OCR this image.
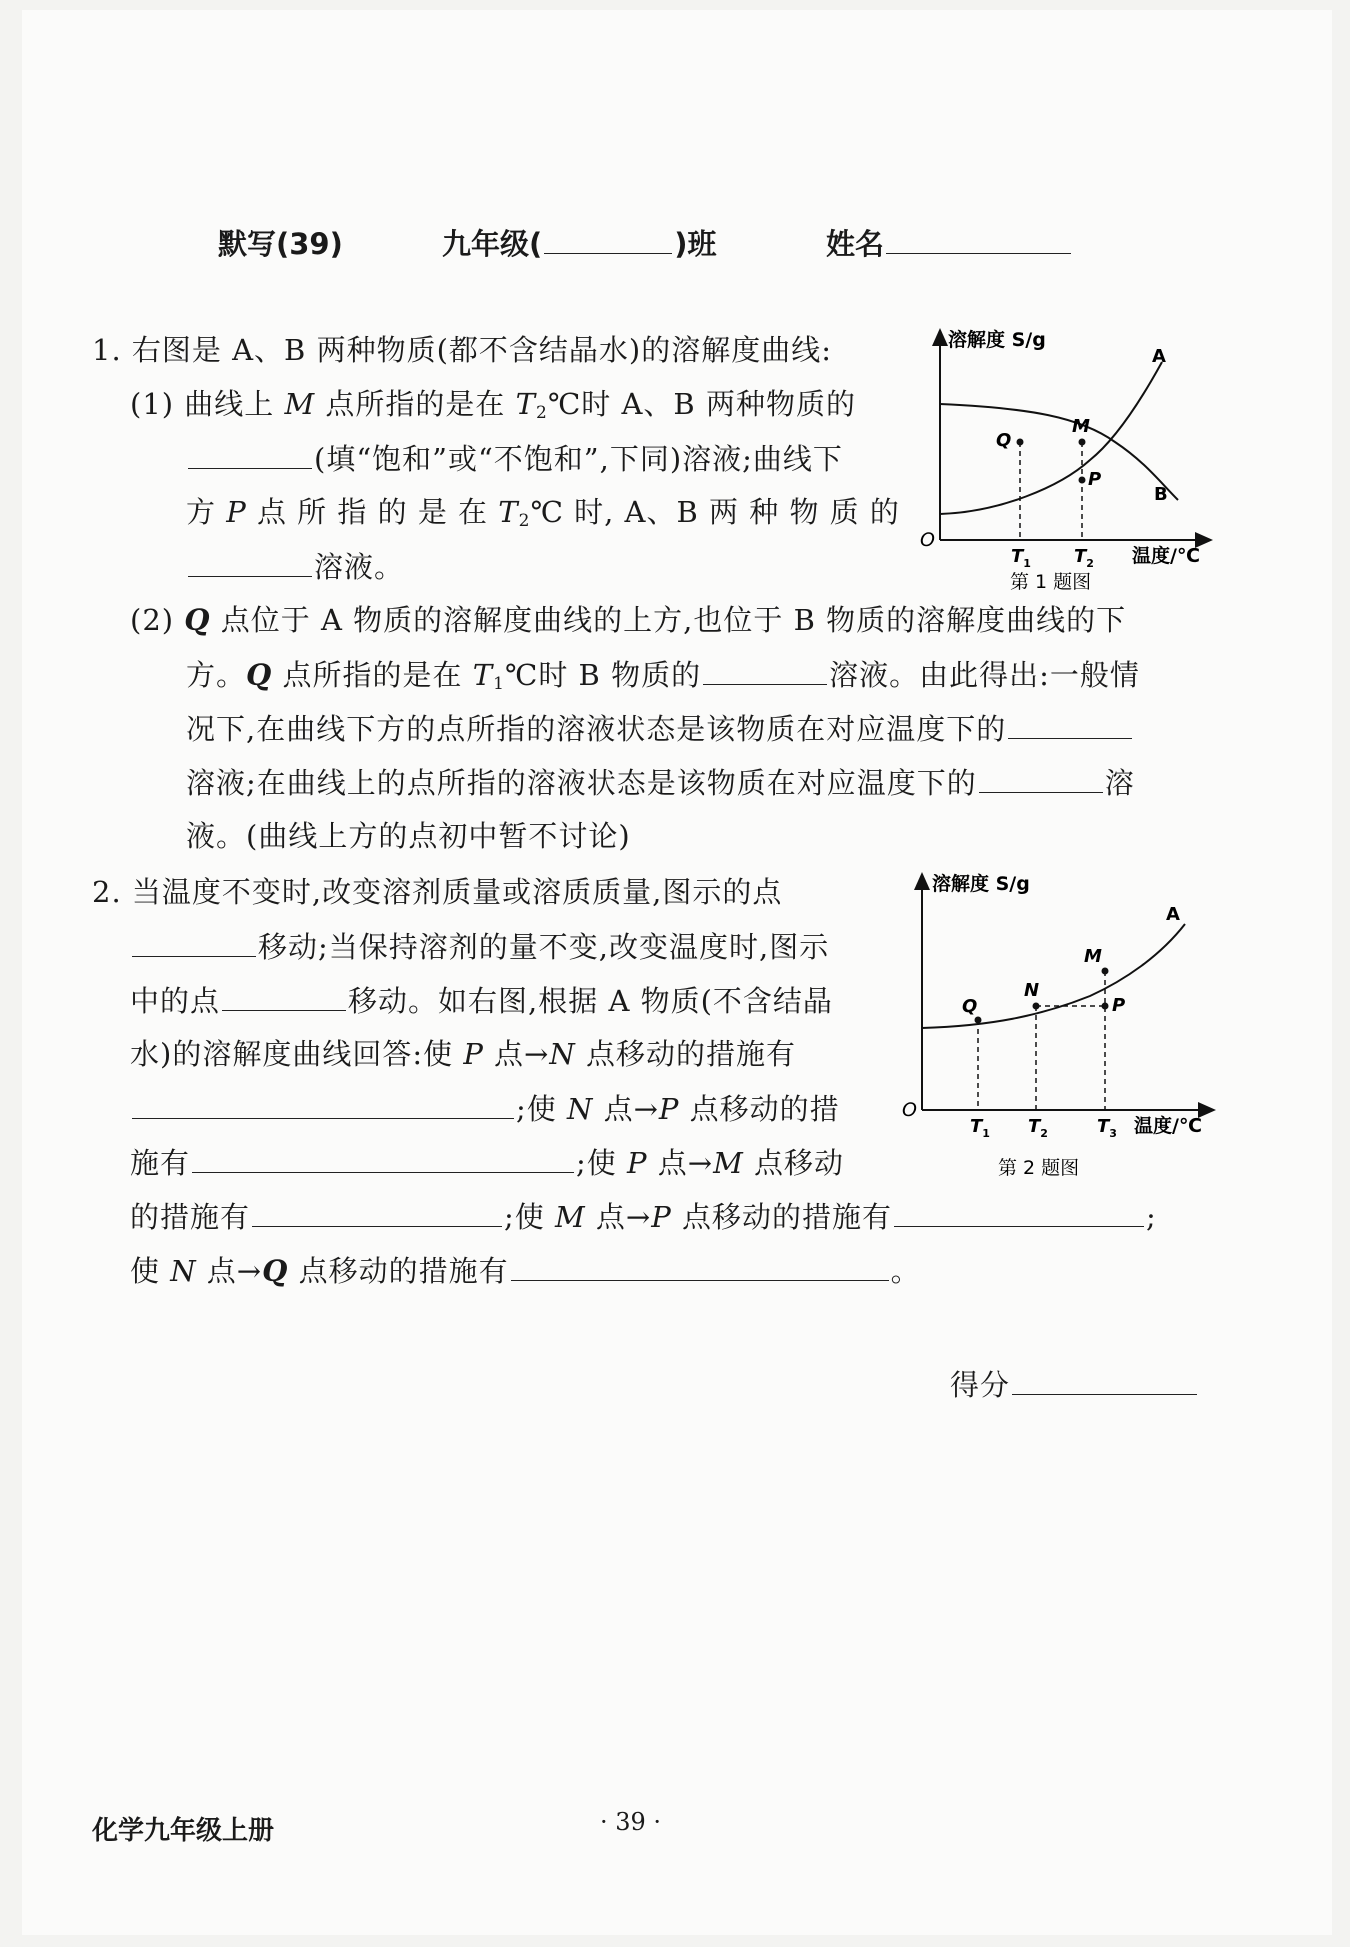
默写(39)	九年级(	)班	姓名
1. 右图是 A、B 两种物质(都不含结晶水)的溶解度曲线:
(1) 曲线上 M 点所指的是在 $T_2℃$时 A、B 两种物质的
(填“饱和”或“不饱和”,下同)溶液;曲线下
方 P 点 所 指 的 是 在 $T_2℃$ 时, A、B 两 种 物 质 的
溶液。
(2) Q 点位于 A 物质的溶解度曲线的上方,也位于 B 物质的溶解度曲线的下
方。Q 点所指的是在 $T_1℃$时 B 物质的	溶液。由此得出:一般情
况下,在曲线下方的点所指的溶液状态是该物质在对应温度下的
溶液;在曲线上的点所指的溶液状态是该物质在对应温度下的	溶
液。(曲线上方的点初中暂不讨论)
2. 当温度不变时,改变溶剂质量或溶质质量,图示的点
移动;当保持溶剂的量不变,改变温度时,图示
中的点	移动。如右图,根据 A 物质(不含结晶
水)的溶解度曲线回答:使 P 点→N 点移动的措施有
;使 N 点→P 点移动的措
施有	;使 P 点→M 点移动
的措施有	;使 M 点→P 点移动的措施有	;
使 N 点→Q 点移动的措施有	。
溶解度 S/g
温度/℃
O
$T_1$ $T_2$
A
B
M
Q
P
第 1 题图
溶解度 S/g
温度/℃
O
$T_1$ $T_2$	$T_3$
A
Q
N
M
P
第 2 题图
得分
化学九年级上册	· 39 ·
